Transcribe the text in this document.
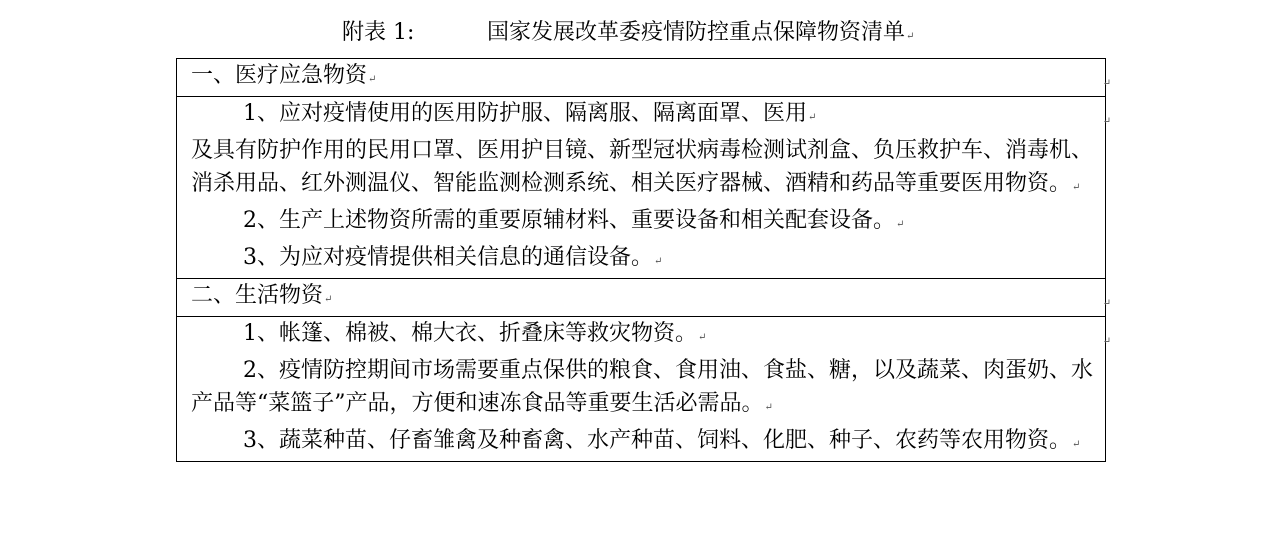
附表 1:	国家发展改革委疫情防控重点保障物资清单↵
一、医疗应急物资↵	↵

↵

1、应对疫情使用的医用防护服、隔离服、隔离面罩、医用↵

及具有防护作用的民用口罩、医用护目镜、新型冠状病毒检测试剂盒、负压救护车、消毒机、消杀用品、红外测温仪、智能监测检测系统、相关医疗器械、酒精和药品等重要医用物资。↵

2、生产上述物资所需的重要原辅材料、重要设备和相关配套设备。↵

3、为应对疫情提供相关信息的通信设备。↵

二、生活物资↵	↵

↵

1、帐篷、棉被、棉大衣、折叠床等救灾物资。↵

2、疫情防控期间市场需要重点保供的粮食、食用油、食盐、糖，以及蔬菜、肉蛋奶、水产品等“菜篮子”产品，方便和速冻食品等重要生活必需品。↵

3、蔬菜种苗、仔畜雏禽及种畜禽、水产种苗、饲料、化肥、种子、农药等农用物资。↵
